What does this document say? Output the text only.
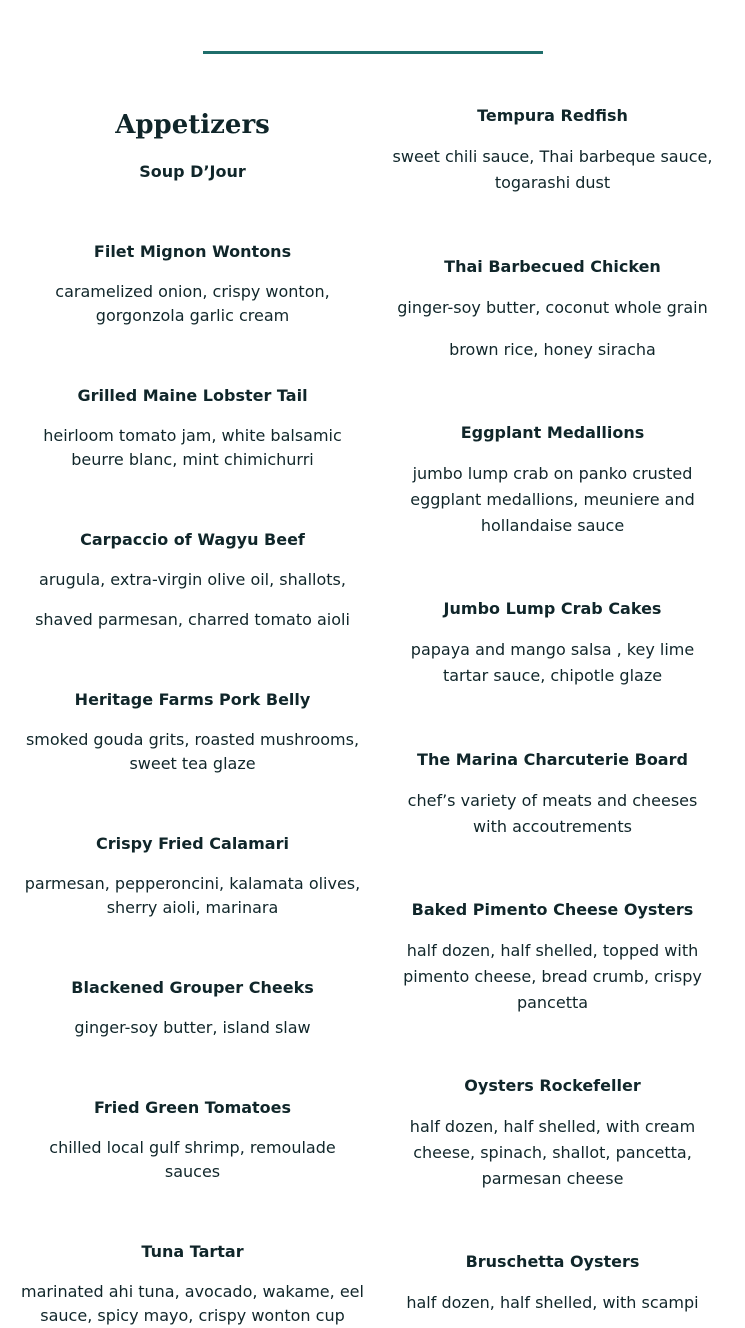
Appetizers
Soup D’Jour
Filet Mignon Wontons
caramelized onion, crispy wonton, gorgonzola garlic cream
Grilled Maine Lobster Tail
heirloom tomato jam, white balsamic beurre blanc, mint chimichurri
Carpaccio of Wagyu Beef
arugula, extra-virgin olive oil, shallots,
shaved parmesan, charred tomato aioli
Heritage Farms Pork Belly
smoked gouda grits, roasted mushrooms, sweet tea glaze
Crispy Fried Calamari
parmesan, pepperoncini, kalamata olives, sherry aioli, marinara
Blackened Grouper Cheeks
ginger-soy butter, island slaw
Fried Green Tomatoes
chilled local gulf shrimp, remoulade sauces
Tuna Tartar
marinated ahi tuna, avocado, wakame, eel sauce, spicy mayo, crispy wonton cup
Tempura Redfish
sweet chili sauce, Thai barbeque sauce, togarashi dust
Thai Barbecued Chicken
ginger-soy butter, coconut whole grain
brown rice, honey siracha
Eggplant Medallions
jumbo lump crab on panko crusted eggplant medallions, meuniere and hollandaise sauce
Jumbo Lump Crab Cakes
papaya and mango salsa , key lime tartar sauce, chipotle glaze
The Marina Charcuterie Board
chef’s variety of meats and cheeses with accoutrements
Baked Pimento Cheese Oysters
half dozen, half shelled, topped with pimento cheese, bread crumb, crispy pancetta
Oysters Rockefeller
half dozen, half shelled, with cream cheese, spinach, shallot, pancetta, parmesan cheese
Bruschetta Oysters
half dozen, half shelled, with scampi
